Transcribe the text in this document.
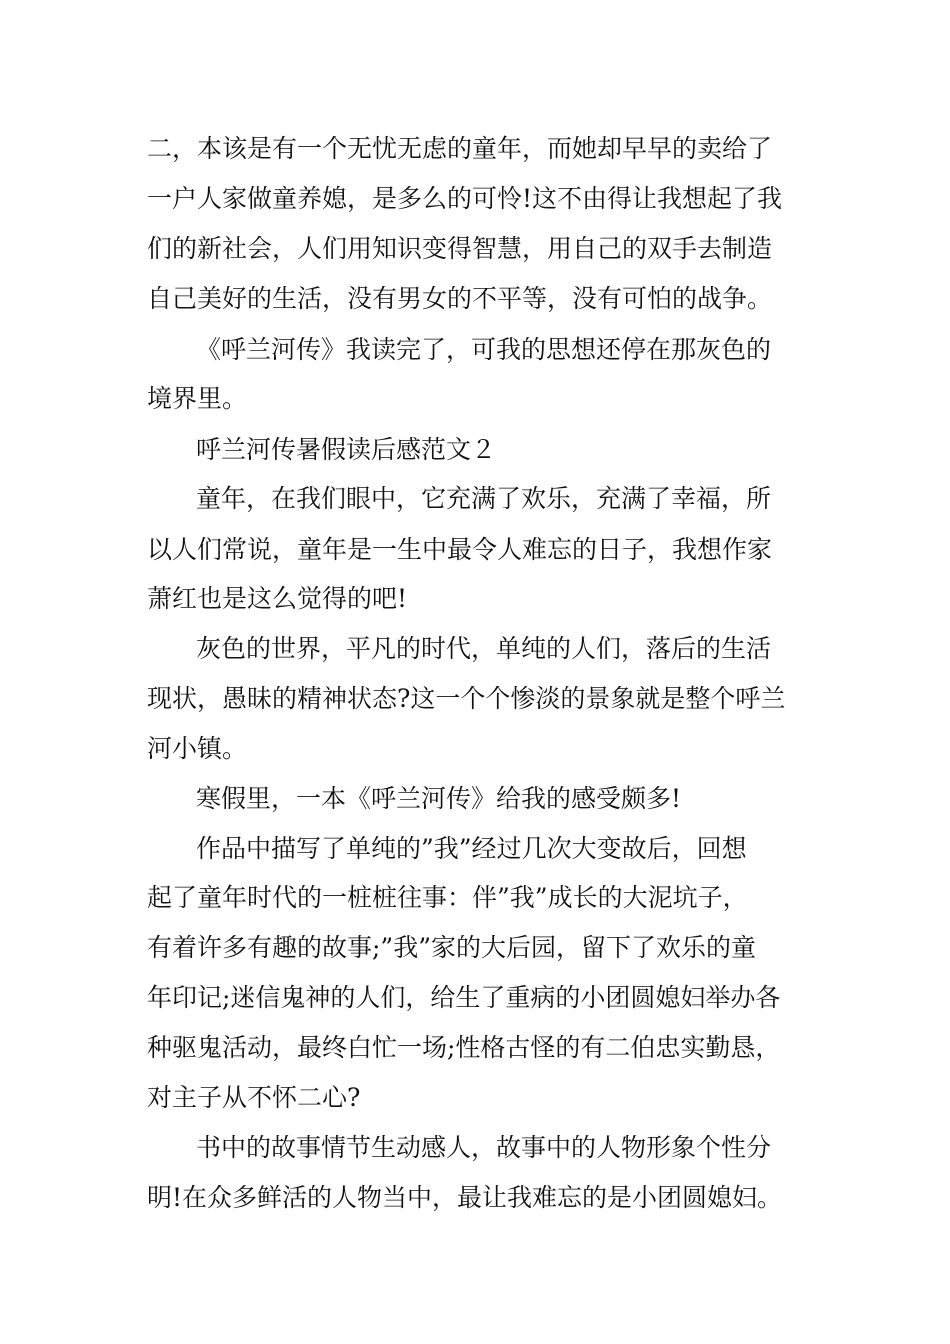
二，本该是有一个无忧无虑的童年，而她却早早的卖给了
一户人家做童养媳，是多么的可怜!这不由得让我想起了我
们的新社会，人们用知识变得智慧，用自己的双手去制造
自己美好的生活，没有男女的不平等，没有可怕的战争。
《呼兰河传》我读完了，可我的思想还停在那灰色的
境界里。
呼兰河传暑假读后感范文２
童年，在我们眼中，它充满了欢乐，充满了幸福，所
以人们常说，童年是一生中最令人难忘的日子，我想作家
萧红也是这么觉得的吧!
灰色的世界，平凡的时代，单纯的人们，落后的生活
现状，愚昧的精神状态?这一个个惨淡的景象就是整个呼兰
河小镇。
寒假里，一本《呼兰河传》给我的感受颇多!
作品中描写了单纯的”我”经过几次大变故后，回想
起了童年时代的一桩桩往事：伴”我”成长的大泥坑子，
有着许多有趣的故事;”我”家的大后园，留下了欢乐的童
年印记;迷信鬼神的人们，给生了重病的小团圆媳妇举办各
种驱鬼活动，最终白忙一场;性格古怪的有二伯忠实勤恳，
对主子从不怀二心?
书中的故事情节生动感人，故事中的人物形象个性分
明!在众多鲜活的人物当中，最让我难忘的是小团圆媳妇。
